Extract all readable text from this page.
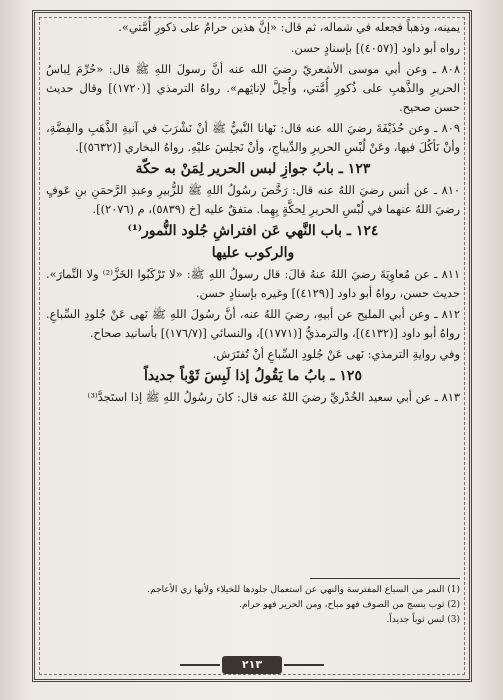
يمينه، وذهباً فجعله في شماله، ثم قال: «إنَّ هذين حرامٌ على ذكورِ أُمَّتي».

رواه أبو داود [(٤٠٥٧)] بإسنادٍ حسن.

٨٠٨ ـ وعن أبي موسى الأشعريّ رضيَ الله عنه أنَّ رسولَ اللهِ ﷺ قال: «حُرِّمَ لِباسُ الحريرِ والذَّهبِ على ذُكورِ أُمَّتي، وأُحِلَّ لإناثِهم». رواهُ الترمذي [(١٧٢٠)] وقال حديث حسن صحيح.

٨٠٩ ـ وعن حُذَيْفَةَ رضيَ الله عنه قال: نَهانا النَّبيُّ ﷺ أنْ نَشْرَبَ في آنيةِ الذَّهَبِ والفِضَّةِ، وأنْ نَأكُلَ فيها، وعَنْ لُبْسِ الحريرِ والدِّيباجِ، وأنْ نَجلِسَ عليْهِ. رواهُ البخاري [(٥٦٣٢)].

١٢٣ ـ بابُ جوازِ لبس الحرير لِمَنْ به حكّة

٨١٠ ـ عن أنس رضيَ اللهُ عنه قال: رَخَّصَ رسُولُ اللهِ ﷺ للزُّبيرِ وعبدِ الرَّحمَنِ بنِ عَوفٍ رضيَ اللهُ عنهما في لُبْسِ الحريرِ لِحكَّةٍ بِهِما. متفقٌ عليه [خ (٥٨٣٩)، م (٢٠٧٦)].

١٢٤ ـ باب النَّهي عَن افتراشِ جُلود النُّمور⁽¹⁾
والركوب عليها

٨١١ ـ عن مُعاوِيَةَ رضيَ اللهُ عنهُ قالَ: قال رسولُ اللهِ ﷺ: «لا تَرْكَبُوا الخَزَّ⁽²⁾ ولا النِّمارَ». حديث حسن، رواهُ أبو داود [(٤١٢٩)] وغيره بإسنادٍ حسن.

٨١٢ ـ وعن أبي المليح عن أبيهِ، رضيَ اللهُ عنه، أنَّ رسُولَ اللهِ ﷺ نَهى عَنْ جُلودِ السِّباعِ. رواهُ أبو داود [(٤١٣٢)]، والترمذيُّ [(١٧٧١)]، والنسائي [(١٧٦/٧)] بأسانيد صحاح.

وفي روايةِ الترمذي: نَهى عَنْ جُلودِ السِّباعِ أنْ تُفتَرَش.

١٢٥ ـ بابُ ما يَقُولُ إذا لَبِسَ ثَوْباً جديداً

٨١٣ ـ عن أبي سعيد الخُدْريِّ رضيَ اللهُ عنه قال: كانَ رسُولُ اللهِ ﷺ إذا استَجدَّ⁽³⁾

(1) النمر من السباع المفترسة والنهي عن استعمال جلودها للخيلاء ولأنها زي الأعاجم.
(2) ثوب ينسج من الصوف فهو مباح، ومن الحرير فهو حرام.
(3) لبس ثوباً جديداً.
٢١٣
